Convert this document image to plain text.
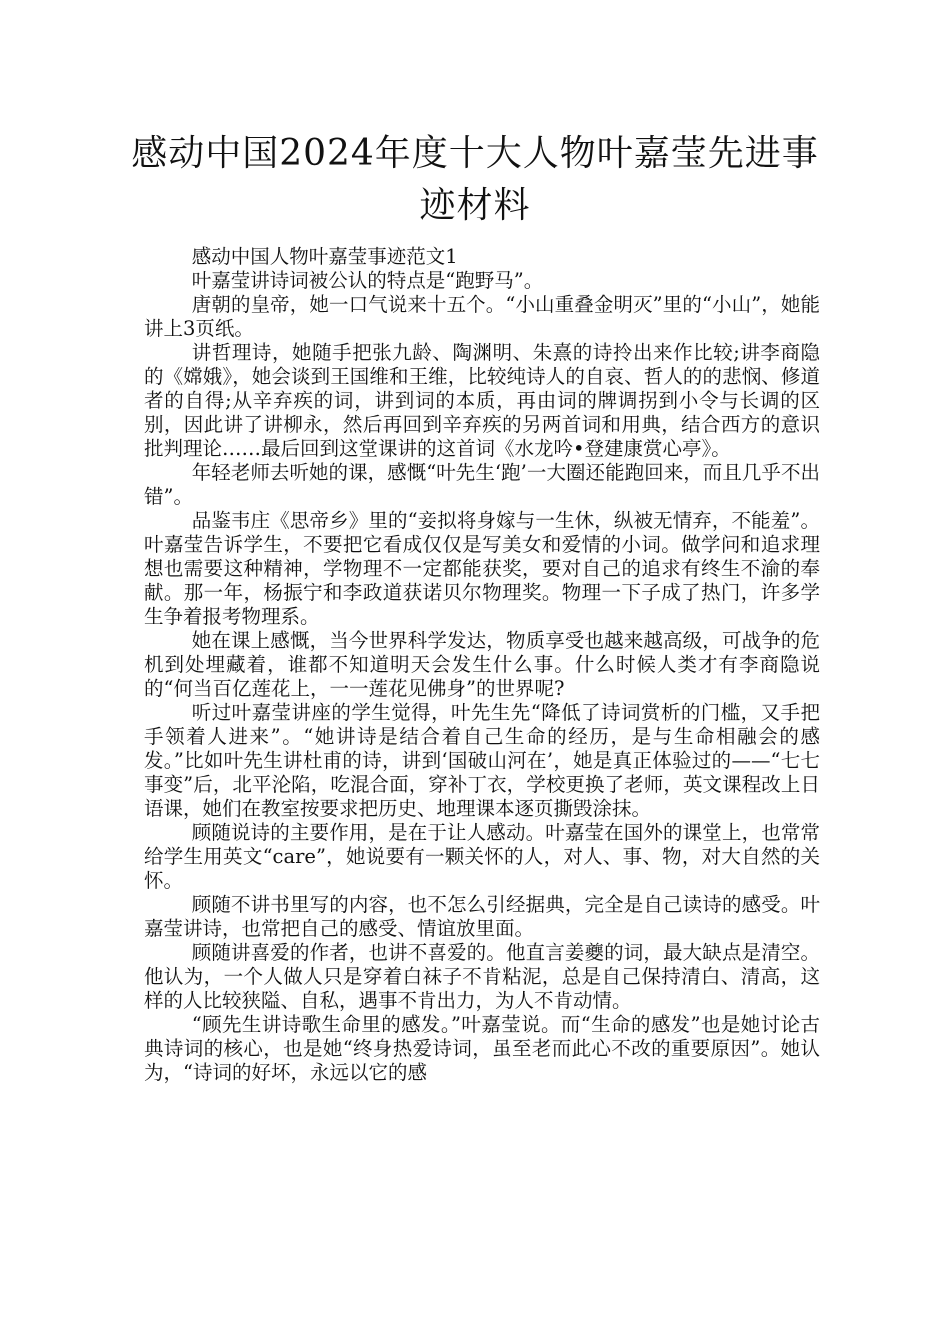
感动中国2024年度十大人物叶嘉莹先进事迹材料

感动中国人物叶嘉莹事迹范文1

叶嘉莹讲诗词被公认的特点是“跑野马”。

唐朝的皇帝，她一口气说来十五个。“小山重叠金明灭”里的“小山”，她能讲上3页纸。

讲哲理诗，她随手把张九龄、陶渊明、朱熹的诗拎出来作比较;讲李商隐的《嫦娥》，她会谈到王国维和王维，比较纯诗人的自哀、哲人的的悲悯、修道者的自得;从辛弃疾的词，讲到词的本质，再由词的牌调拐到小令与长调的区别，因此讲了讲柳永，然后再回到辛弃疾的另两首词和用典，结合西方的意识批判理论……最后回到这堂课讲的这首词《水龙吟•登建康赏心亭》。

年轻老师去听她的课，感慨“叶先生‘跑’一大圈还能跑回来，而且几乎不出错”。

品鉴韦庄《思帝乡》里的“妾拟将身嫁与一生休，纵被无情弃，不能羞”。叶嘉莹告诉学生，不要把它看成仅仅是写美女和爱情的小词。做学问和追求理想也需要这种精神，学物理不一定都能获奖，要对自己的追求有终生不渝的奉献。那一年，杨振宁和李政道获诺贝尔物理奖。物理一下子成了热门，许多学生争着报考物理系。

她在课上感慨，当今世界科学发达，物质享受也越来越高级，可战争的危机到处埋藏着，谁都不知道明天会发生什么事。什么时候人类才有李商隐说的“何当百亿莲花上，一一莲花见佛身”的世界呢?

听过叶嘉莹讲座的学生觉得，叶先生先“降低了诗词赏析的门槛，又手把手领着人进来”。“她讲诗是结合着自己生命的经历，是与生命相融会的感发。”比如叶先生讲杜甫的诗，讲到‘国破山河在’，她是真正体验过的——“七七事变”后，北平沦陷，吃混合面，穿补丁衣，学校更换了老师，英文课程改上日语课，她们在教室按要求把历史、地理课本逐页撕毁涂抹。

顾随说诗的主要作用，是在于让人感动。叶嘉莹在国外的课堂上，也常常给学生用英文“care”，她说要有一颗关怀的人，对人、事、物，对大自然的关怀。

顾随不讲书里写的内容，也不怎么引经据典，完全是自己读诗的感受。叶嘉莹讲诗，也常把自己的感受、情谊放里面。

顾随讲喜爱的作者，也讲不喜爱的。他直言姜夔的词，最大缺点是清空。他认为，一个人做人只是穿着白袜子不肯粘泥，总是自己保持清白、清高，这样的人比较狭隘、自私，遇事不肯出力，为人不肯动情。

“顾先生讲诗歌生命里的感发。”叶嘉莹说。而“生命的感发”也是她讨论古典诗词的核心，也是她“终身热爱诗词，虽至老而此心不改的重要原因”。她认为，“诗词的好坏，永远以它的感
